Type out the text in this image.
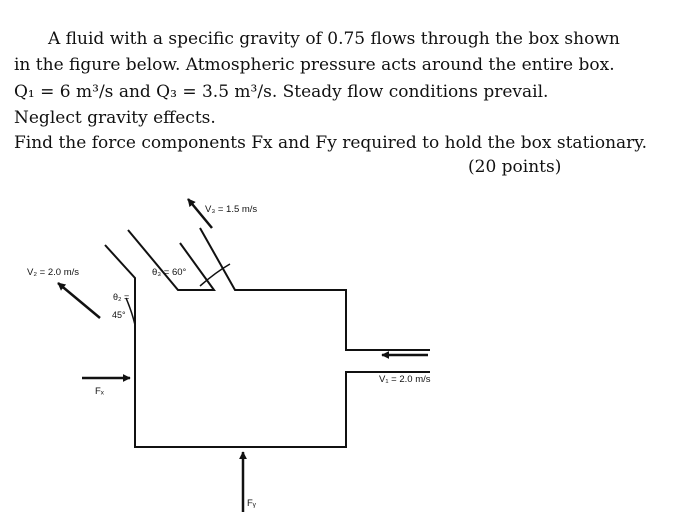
A fluid with a specific gravity of 0.75 flows through the box shown
in the figure below. Atmospheric pressure acts around the entire box.
Q₁ = 6 m³/s and Q₃ = 3.5 m³/s. Steady flow conditions prevail.
Neglect gravity effects.
Find the force components Fx and Fy required to hold the box stationary.
(20 points)
V₃ = 1.5 m/s
V₂ = 2.0 m/s	θ₃ = 60°
θ₂ =
45°
V₁ = 2.0 m/s
Fₓ
Fᵧ
